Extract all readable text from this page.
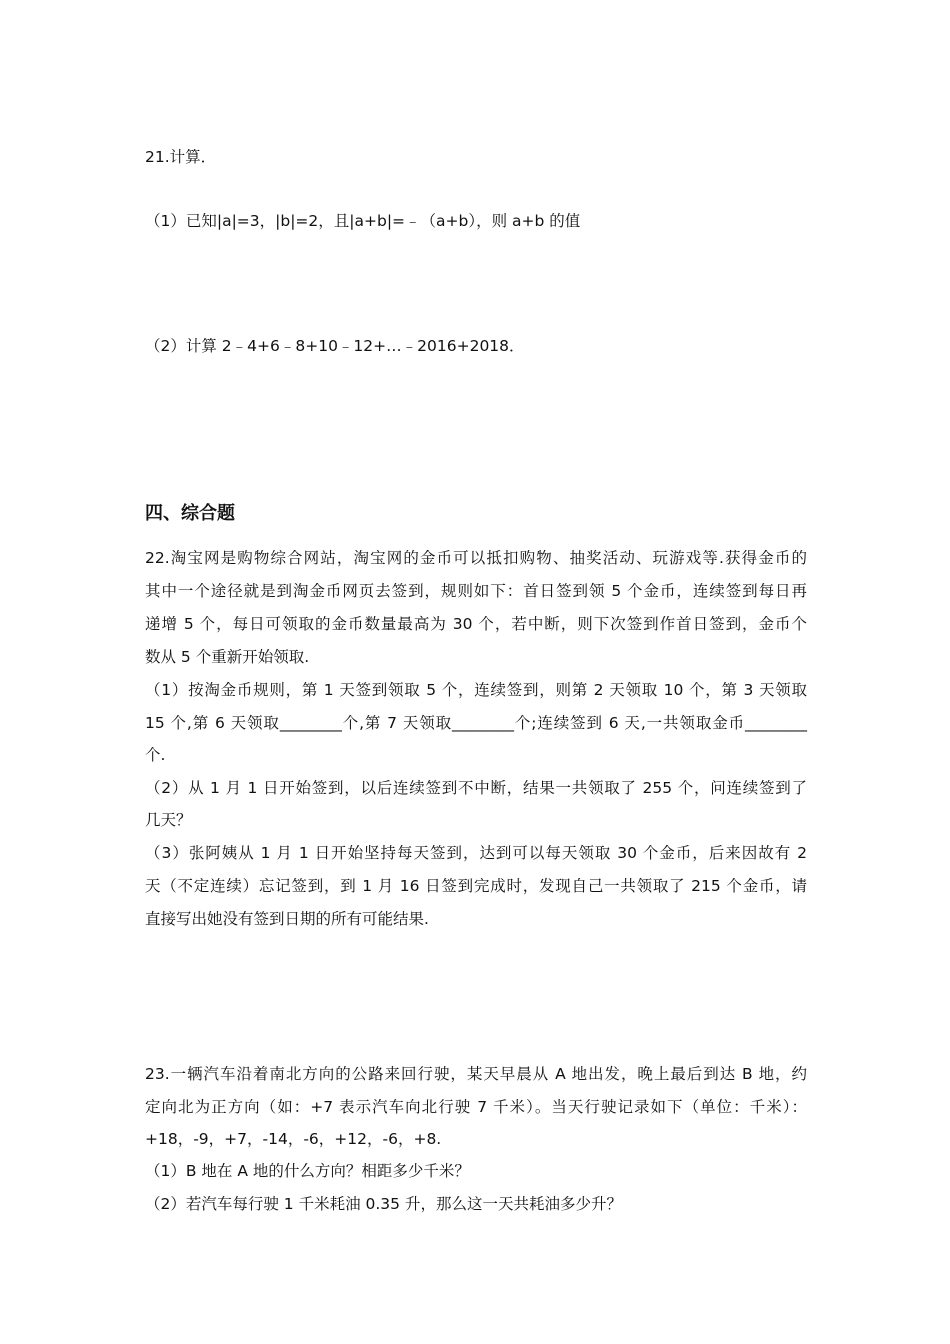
21.计算．
（1）已知|a|=3，|b|=2，且|a+b|=﹣（a+b），则 a+b 的值
（2）计算 2﹣4+6﹣8+10﹣12+…﹣2016+2018．
四、综合题
22.淘宝网是购物综合网站，淘宝网的金币可以抵扣购物、抽奖活动、玩游戏等.获得金币的
其中一个途径就是到淘金币网页去签到，规则如下：首日签到领 5 个金币，连续签到每日再
递增 5 个，每日可领取的金币数量最高为 30 个，若中断，则下次签到作首日签到，金币个
数从 5 个重新开始领取.
（1）按淘金币规则，第 1 天签到领取 5 个，连续签到，则第 2 天领取 10 个，第 3 天领取
15 个,第 6 天领取________个,第 7 天领取________个;连续签到 6 天,一共领取金币________
个.
（2）从 1 月 1 日开始签到，以后连续签到不中断，结果一共领取了 255 个，问连续签到了
几天？
（3）张阿姨从 1 月 1 日开始坚持每天签到，达到可以每天领取 30 个金币，后来因故有 2
天（不定连续）忘记签到，到 1 月 16 日签到完成时，发现自己一共领取了 215 个金币，请
直接写出她没有签到日期的所有可能结果.
23.一辆汽车沿着南北方向的公路来回行驶，某天早晨从 A 地出发，晚上最后到达 B 地，约
定向北为正方向（如：+7 表示汽车向北行驶 7 千米）。当天行驶记录如下（单位：千米）：
+18，-9，+7，-14，-6，+12，-6，+8.
（1）B 地在 A 地的什么方向？相距多少千米？
（2）若汽车每行驶 1 千米耗油 0.35 升，那么这一天共耗油多少升？
